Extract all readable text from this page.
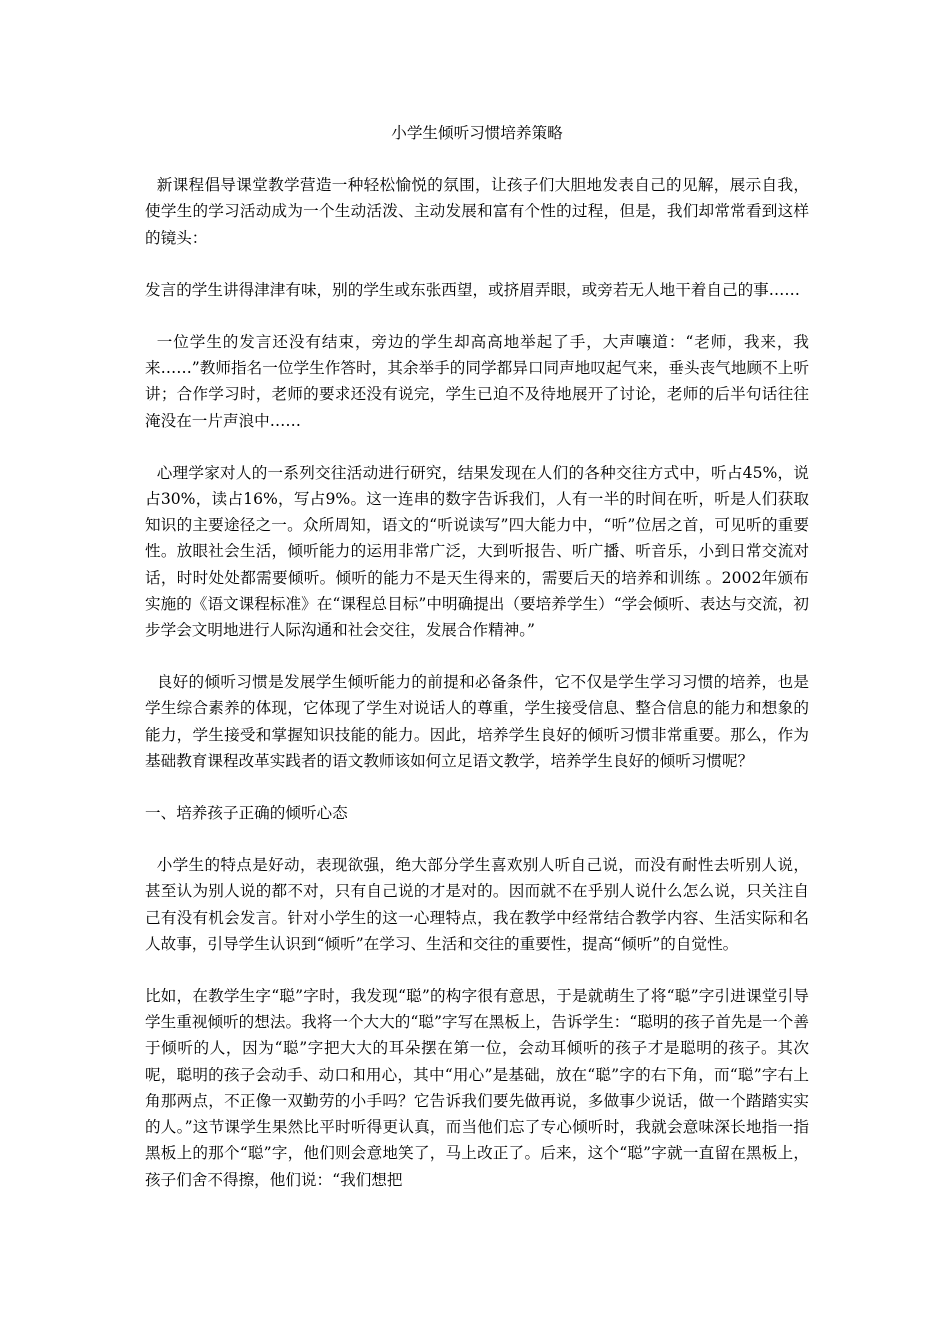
小学生倾听习惯培养策略
新课程倡导课堂教学营造一种轻松愉悦的氛围，让孩子们大胆地发表自己的见解，展示自我，使学生的学习活动成为一个生动活泼、主动发展和富有个性的过程，但是，我们却常常看到这样的镜头：
发言的学生讲得津津有味，别的学生或东张西望，或挤眉弄眼，或旁若无人地干着自己的事……
一位学生的发言还没有结束，旁边的学生却高高地举起了手，大声嚷道：“老师，我来，我来……”教师指名一位学生作答时，其余举手的同学都异口同声地叹起气来，垂头丧气地顾不上听讲；合作学习时，老师的要求还没有说完，学生已迫不及待地展开了讨论，老师的后半句话往往淹没在一片声浪中……
心理学家对人的一系列交往活动进行研究，结果发现在人们的各种交往方式中，听占45%，说占30%，读占16%，写占9%。这一连串的数字告诉我们，人有一半的时间在听，听是人们获取知识的主要途径之一。众所周知，语文的“听说读写”四大能力中，“听”位居之首，可见听的重要性。放眼社会生活，倾听能力的运用非常广泛，大到听报告、听广播、听音乐，小到日常交流对话，时时处处都需要倾听。倾听的能力不是天生得来的，需要后天的培养和训练 。2002年颁布实施的《语文课程标准》在“课程总目标”中明确提出（要培养学生）“学会倾听、表达与交流，初步学会文明地进行人际沟通和社会交往，发展合作精神。”
良好的倾听习惯是发展学生倾听能力的前提和必备条件，它不仅是学生学习习惯的培养，也是学生综合素养的体现，它体现了学生对说话人的尊重，学生接受信息、整合信息的能力和想象的能力，学生接受和掌握知识技能的能力。因此，培养学生良好的倾听习惯非常重要。那么，作为基础教育课程改革实践者的语文教师该如何立足语文教学，培养学生良好的倾听习惯呢？
一、培养孩子正确的倾听心态
小学生的特点是好动，表现欲强，绝大部分学生喜欢别人听自己说，而没有耐性去听别人说，甚至认为别人说的都不对，只有自己说的才是对的。因而就不在乎别人说什么怎么说，只关注自己有没有机会发言。针对小学生的这一心理特点，我在教学中经常结合教学内容、生活实际和名人故事，引导学生认识到“倾听”在学习、生活和交往的重要性，提高“倾听”的自觉性。
比如，在教学生字“聪”字时，我发现“聪”的构字很有意思，于是就萌生了将“聪”字引进课堂引导学生重视倾听的想法。我将一个大大的“聪”字写在黑板上，告诉学生：“聪明的孩子首先是一个善于倾听的人，因为“聪”字把大大的耳朵摆在第一位，会动耳倾听的孩子才是聪明的孩子。其次呢，聪明的孩子会动手、动口和用心，其中“用心”是基础，放在“聪”字的右下角，而“聪”字右上角那两点，不正像一双勤劳的小手吗？它告诉我们要先做再说，多做事少说话，做一个踏踏实实的人。”这节课学生果然比平时听得更认真，而当他们忘了专心倾听时，我就会意味深长地指一指黑板上的那个“聪”字，他们则会意地笑了，马上改正了。后来，这个“聪”字就一直留在黑板上，孩子们舍不得擦，他们说：“我们想把
